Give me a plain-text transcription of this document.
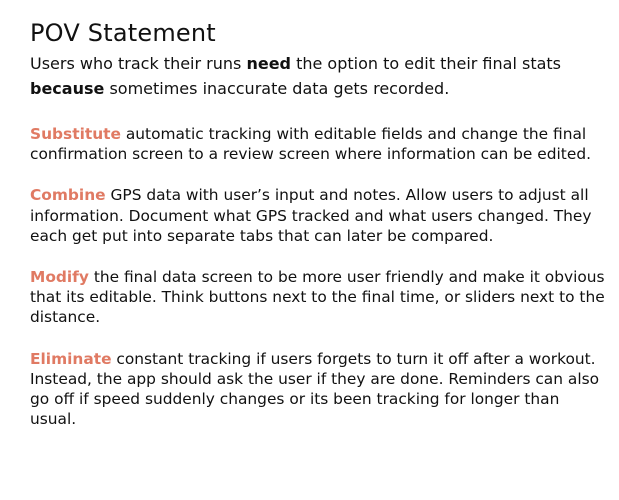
POV Statement

Users who track their runs need the option to edit their final stats because sometimes inaccurate data gets recorded.

Substitute automatic tracking with editable fields and change the final confirmation screen to a review screen where information can be edited.

Combine GPS data with user’s input and notes. Allow users to adjust all information. Document what GPS tracked and what users changed. They each get put into separate tabs that can later be compared.

Modify the final data screen to be more user friendly and make it obvious that its editable. Think buttons next to the final time, or sliders next to the distance.

Eliminate constant tracking if users forgets to turn it off after a workout. Instead, the app should ask the user if they are done. Reminders can also go off if speed suddenly changes or its been tracking for longer than usual.
